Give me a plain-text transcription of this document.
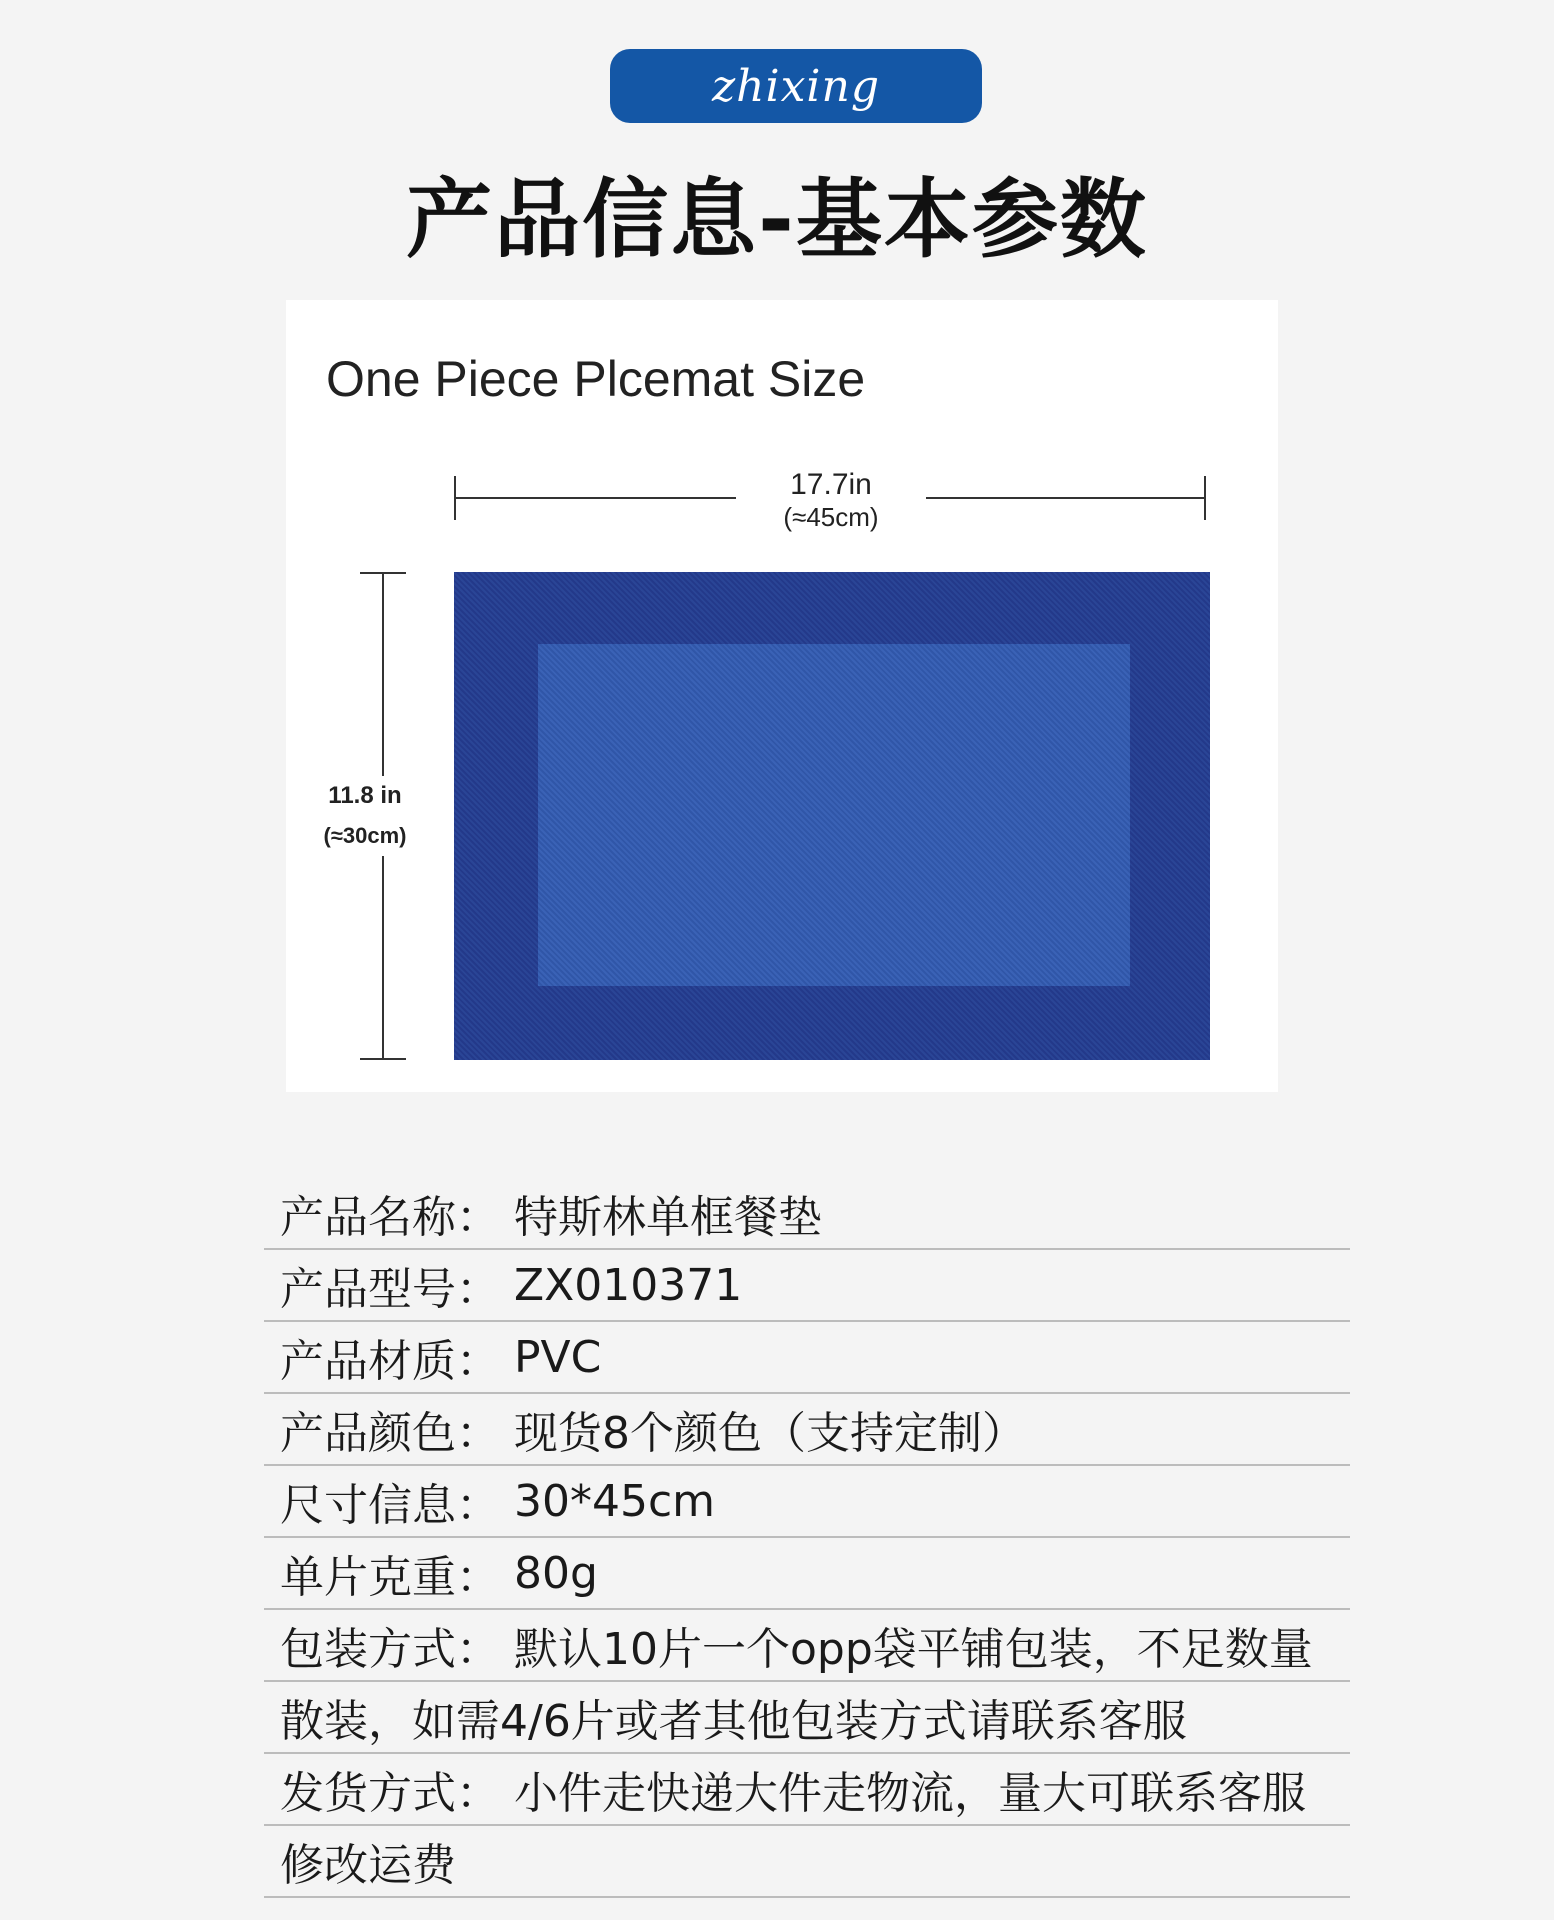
zhixing
产品信息-基本参数
One Piece Plcemat Size
17.7in
(≈45cm)
11.8 in
(≈30cm)
产品名称： 特斯林单框餐垫
产品型号： ZX010371
产品材质： PVC
产品颜色： 现货8个颜色（支持定制）
尺寸信息： 30*45cm
单片克重： 80g
包装方式： 默认10片一个opp袋平铺包装，不足数量
散装，如需4/6片或者其他包装方式请联系客服
发货方式： 小件走快递大件走物流，量大可联系客服
修改运费
